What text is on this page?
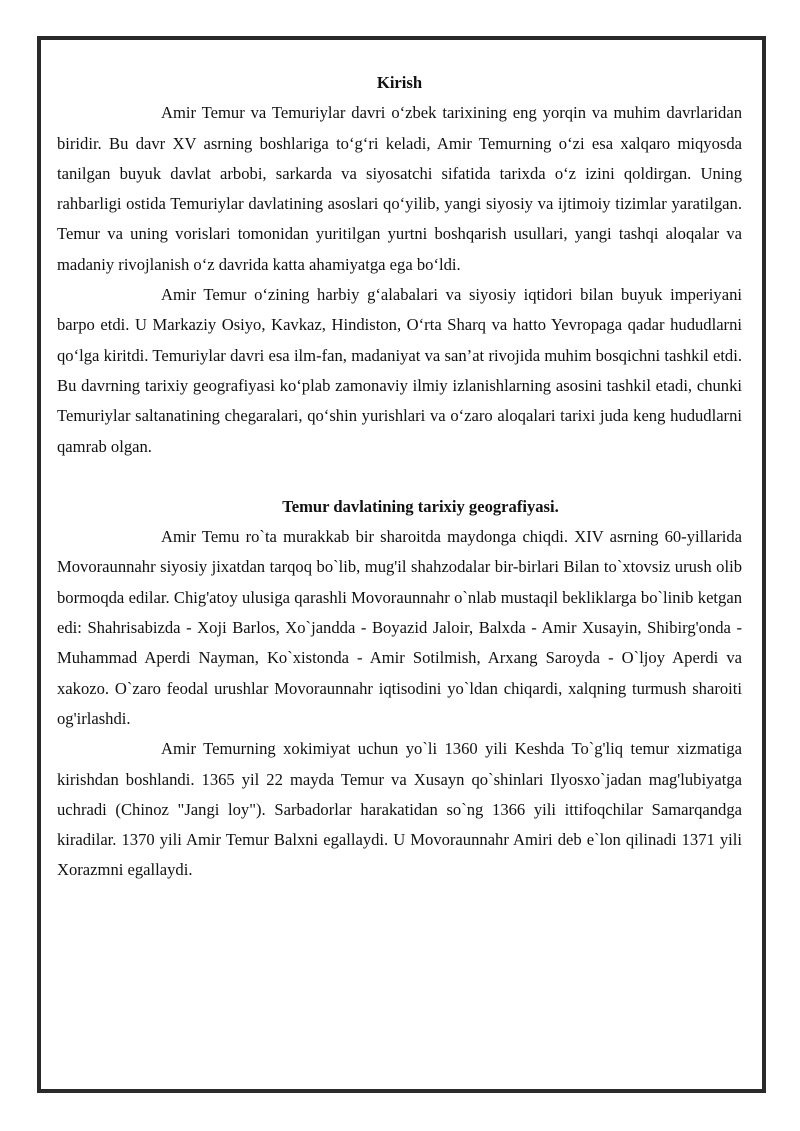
Kirish

Amir Temur va Temuriylar davri o‘zbek tarixining eng yorqin va muhim davrlaridan biridir. Bu davr XV asrning boshlariga to‘g‘ri keladi, Amir Temurning o‘zi esa xalqaro miqyosda tanilgan buyuk davlat arbobi, sarkarda va siyosatchi sifatida tarixda o‘z izini qoldirgan. Uning rahbarligi ostida Temuriylar davlatining asoslari qo‘yilib, yangi siyosiy va ijtimoiy tizimlar yaratilgan. Temur va uning vorislari tomonidan yuritilgan yurtni boshqarish usullari, yangi tashqi aloqalar va madaniy rivojlanish o‘z davrida katta ahamiyatga ega bo‘ldi.

Amir Temur o‘zining harbiy g‘alabalari va siyosiy iqtidori bilan buyuk imperiyani barpo etdi. U Markaziy Osiyo, Kavkaz, Hindiston, O‘rta Sharq va hatto Yevropaga qadar hududlarni qo‘lga kiritdi. Temuriylar davri esa ilm-fan, madaniyat va san’at rivojida muhim bosqichni tashkil etdi. Bu davrning tarixiy geografiyasi ko‘plab zamonaviy ilmiy izlanishlarning asosini tashkil etadi, chunki Temuriylar saltanatining chegaralari, qo‘shin yurishlari va o‘zaro aloqalari tarixi juda keng hududlarni qamrab olgan.

Temur davlatining tarixiy geografiyasi.

Amir Temu ro`ta murakkab bir sharoitda maydonga chiqdi. XIV asrning 60-yillarida Movoraunnahr siyosiy jixatdan tarqoq bo`lib, mug'il shahzodalar bir-birlari Bilan to`xtovsiz urush olib bormoqda edilar. Chig'atoy ulusiga qarashli Movoraunnahr o`nlab mustaqil bekliklarga bo`linib ketgan edi: Shahrisabizda - Xoji Barlos, Xo`jandda - Boyazid Jaloir, Balxda - Amir Xusayin, Shibirg'onda - Muhammad Aperdi Nayman, Ko`xistonda - Amir Sotilmish, Arxang Saroyda - O`ljoy Aperdi va xakozo. O`zaro feodal urushlar Movoraunnahr iqtisodini yo`ldan chiqardi, xalqning turmush sharoiti og'irlashdi.

Amir Temurning xokimiyat uchun yo`li 1360 yili Keshda To`g'liq temur xizmatiga kirishdan boshlandi. 1365 yil 22 mayda Temur va Xusayn qo`shinlari Ilyosxo`jadan mag'lubiyatga uchradi (Chinoz "Jangi loy"). Sarbadorlar harakatidan so`ng 1366 yili ittifoqchilar Samarqandga kiradilar. 1370 yili Amir Temur Balxni egallaydi. U Movoraunnahr Amiri deb e`lon qilinadi 1371 yili Xorazmni egallaydi.
